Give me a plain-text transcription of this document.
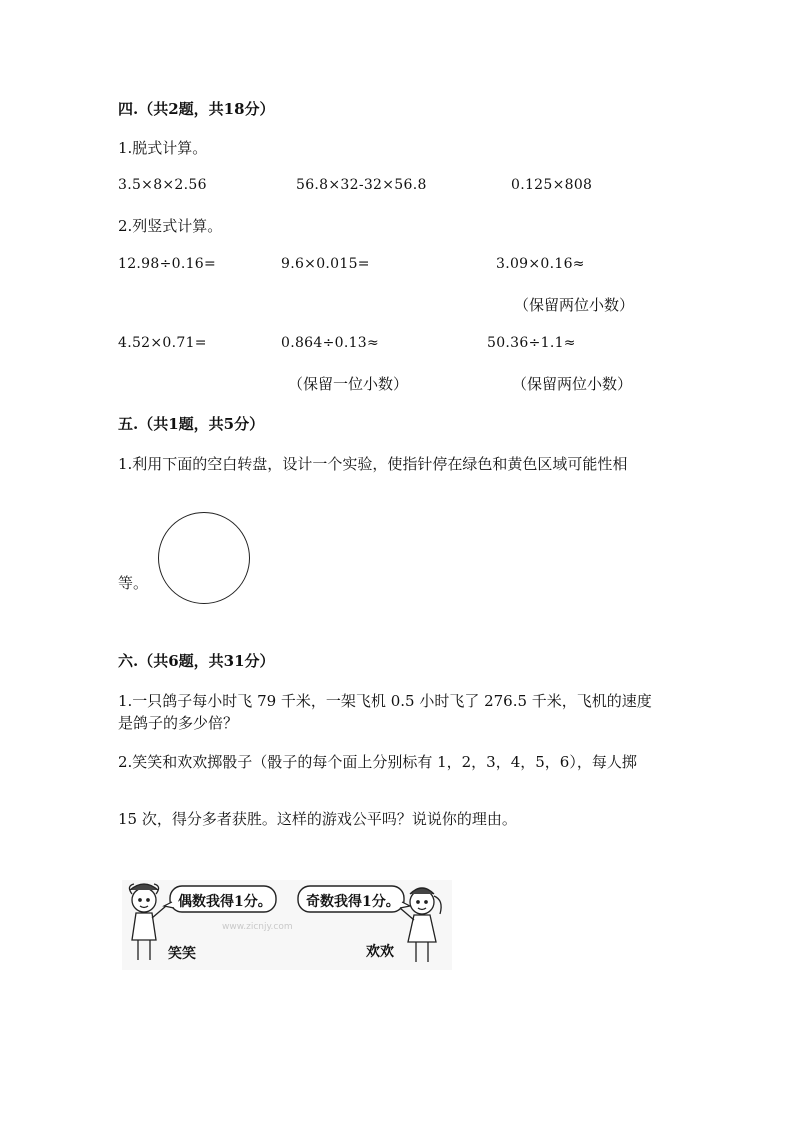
四.（共2题，共18分）
1.脱式计算。
3.5×8×2.56	56.8×32-32×56.8	0.125×808
2.列竖式计算。
12.98÷0.16=	9.6×0.015=	3.09×0.16≈
（保留两位小数）
4.52×0.71=	0.864÷0.13≈	50.36÷1.1≈
（保留一位小数）	（保留两位小数）
五.（共1题，共5分）
1.利用下面的空白转盘，设计一个实验，使指针停在绿色和黄色区域可能性相
等。
六.（共6题，共31分）
1.一只鸽子每小时飞 79 千米，一架飞机 0.5 小时飞了 276.5 千米，飞机的速度
是鸽子的多少倍？
2.笑笑和欢欢掷骰子（骰子的每个面上分别标有 1，2，3，4，5，6），每人掷
15 次，得分多者获胜。这样的游戏公平吗？说说你的理由。
偶数我得1分。 奇数我得1分。
www.zicnjy.com
笑笑	欢欢
